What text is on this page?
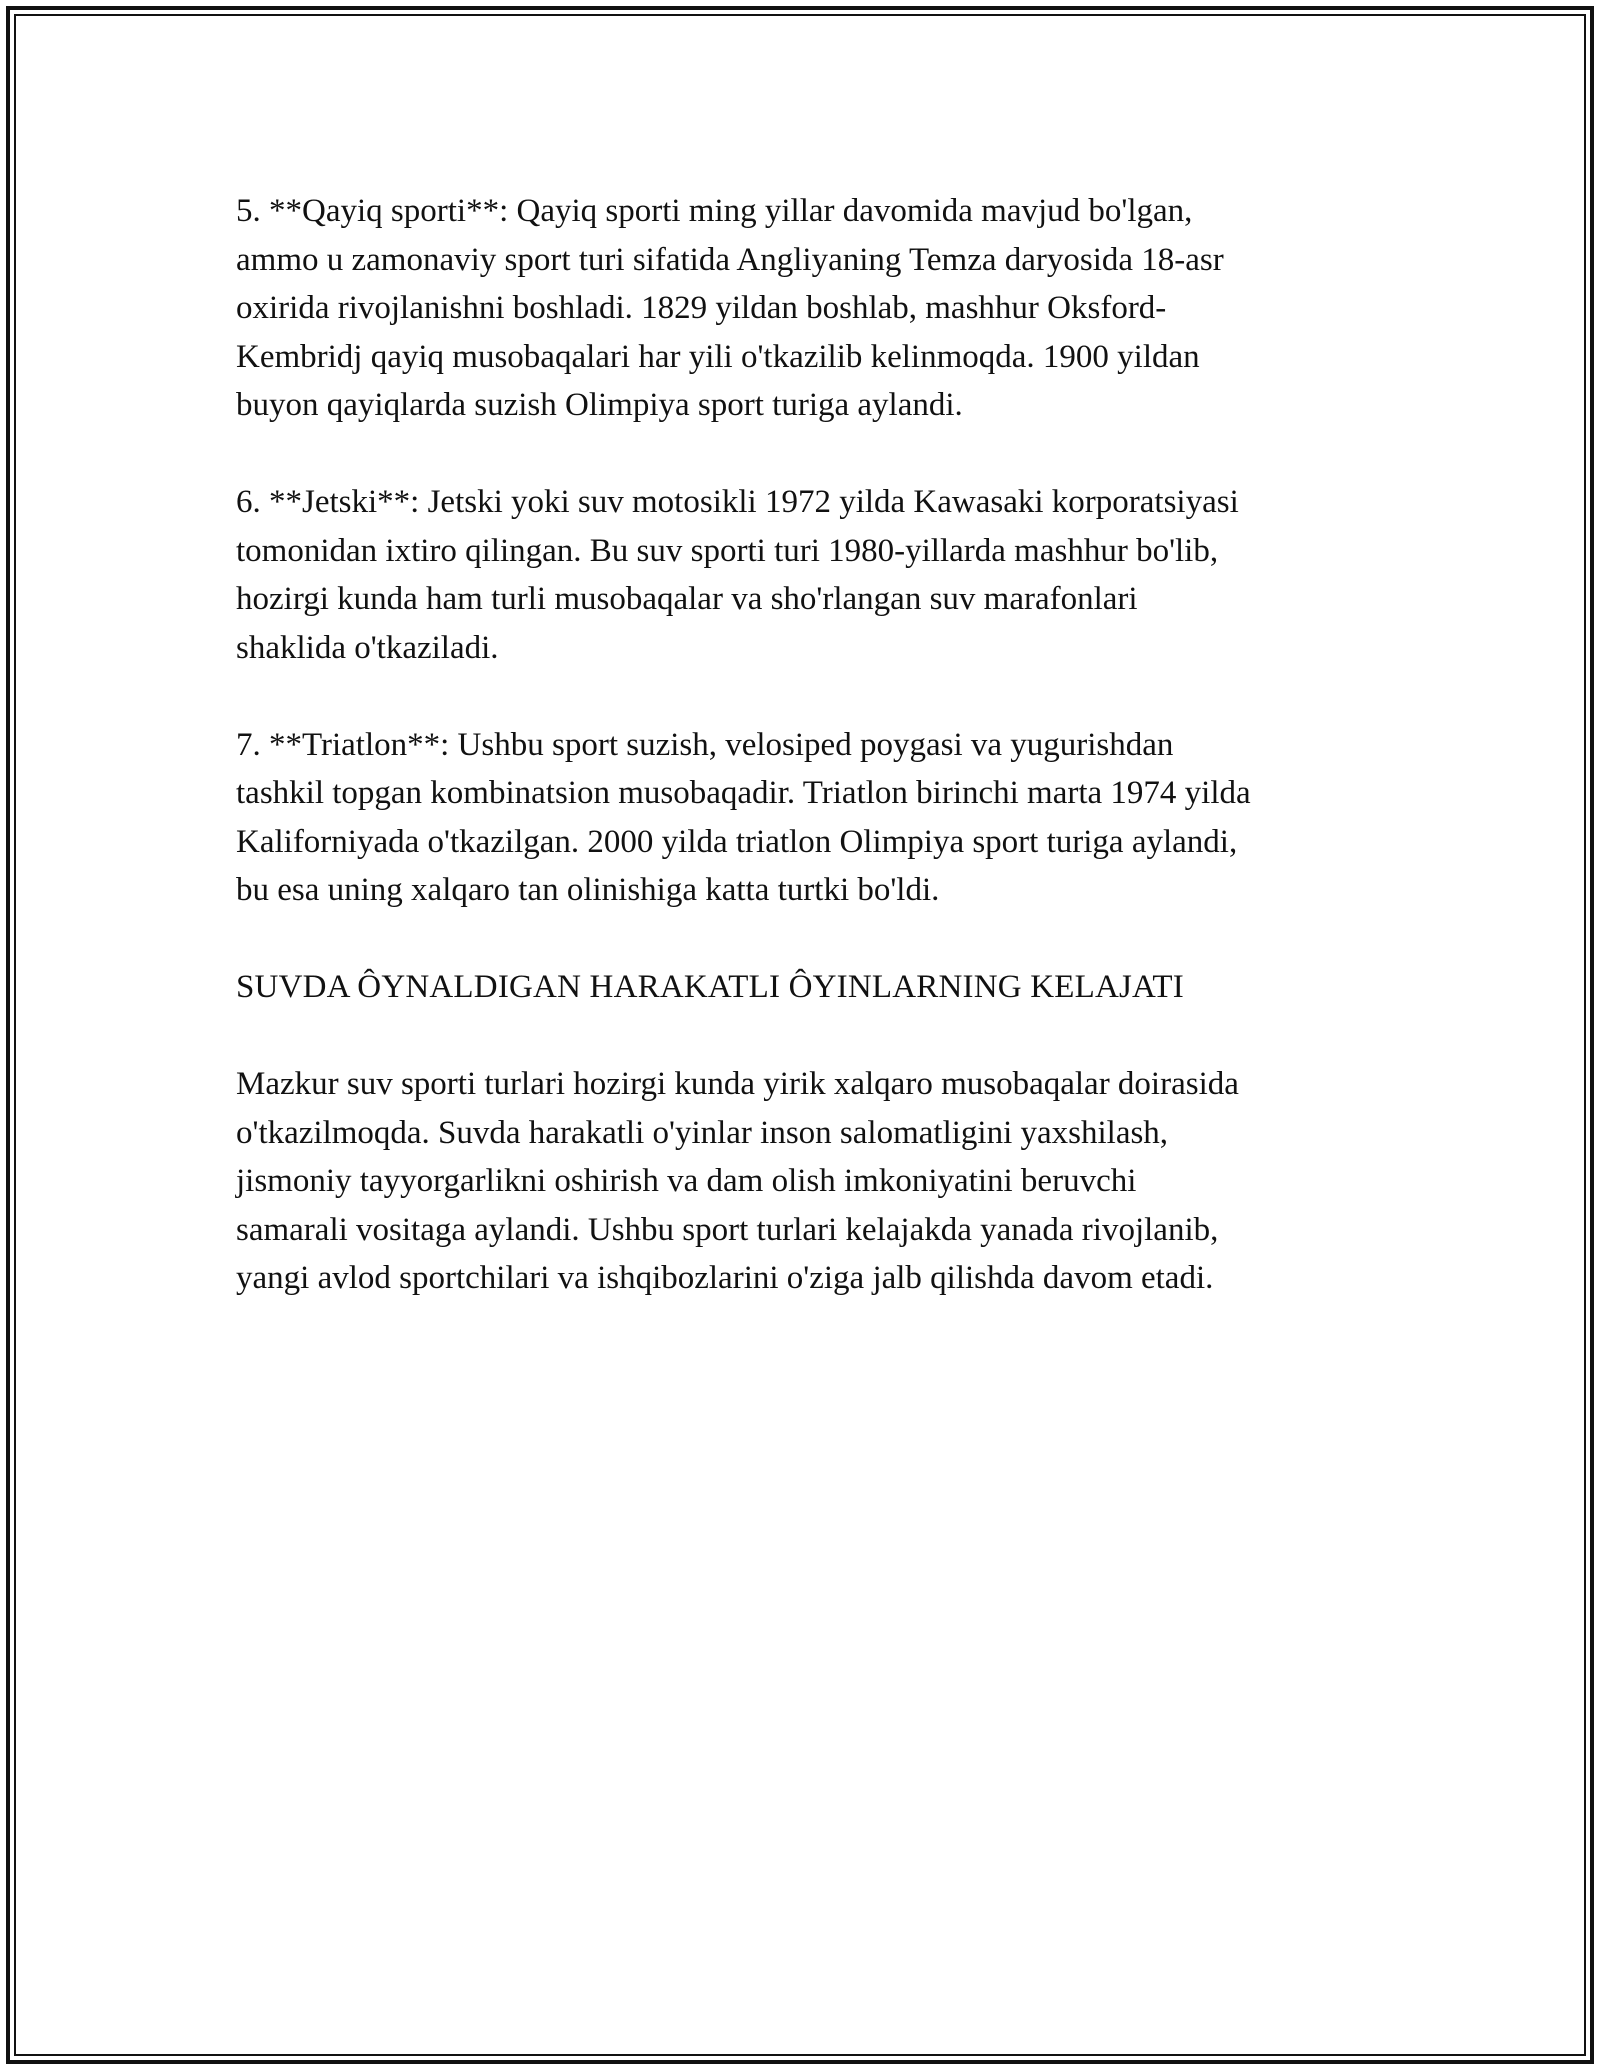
5. **Qayiq sporti**: Qayiq sporti ming yillar davomida mavjud bo'lgan,
ammo u zamonaviy sport turi sifatida Angliyaning Temza daryosida 18-asr
oxirida rivojlanishni boshladi. 1829 yildan boshlab, mashhur Oksford-
Kembridj qayiq musobaqalari har yili o'tkazilib kelinmoqda. 1900 yildan
buyon qayiqlarda suzish Olimpiya sport turiga aylandi.

6. **Jetski**: Jetski yoki suv motosikli 1972 yilda Kawasaki korporatsiyasi
tomonidan ixtiro qilingan. Bu suv sporti turi 1980-yillarda mashhur bo'lib,
hozirgi kunda ham turli musobaqalar va sho'rlangan suv marafonlari
shaklida o'tkaziladi.

7. **Triatlon**: Ushbu sport suzish, velosiped poygasi va yugurishdan
tashkil topgan kombinatsion musobaqadir. Triatlon birinchi marta 1974 yilda
Kaliforniyada o'tkazilgan. 2000 yilda triatlon Olimpiya sport turiga aylandi,
bu esa uning xalqaro tan olinishiga katta turtki bo'ldi.

SUVDA ÔYNALDIGAN HARAKATLI ÔYINLARNING KELAJATI

Mazkur suv sporti turlari hozirgi kunda yirik xalqaro musobaqalar doirasida
o'tkazilmoqda. Suvda harakatli o'yinlar inson salomatligini yaxshilash,
jismoniy tayyorgarlikni oshirish va dam olish imkoniyatini beruvchi
samarali vositaga aylandi. Ushbu sport turlari kelajakda yanada rivojlanib,
yangi avlod sportchilari va ishqibozlarini o'ziga jalb qilishda davom etadi.
